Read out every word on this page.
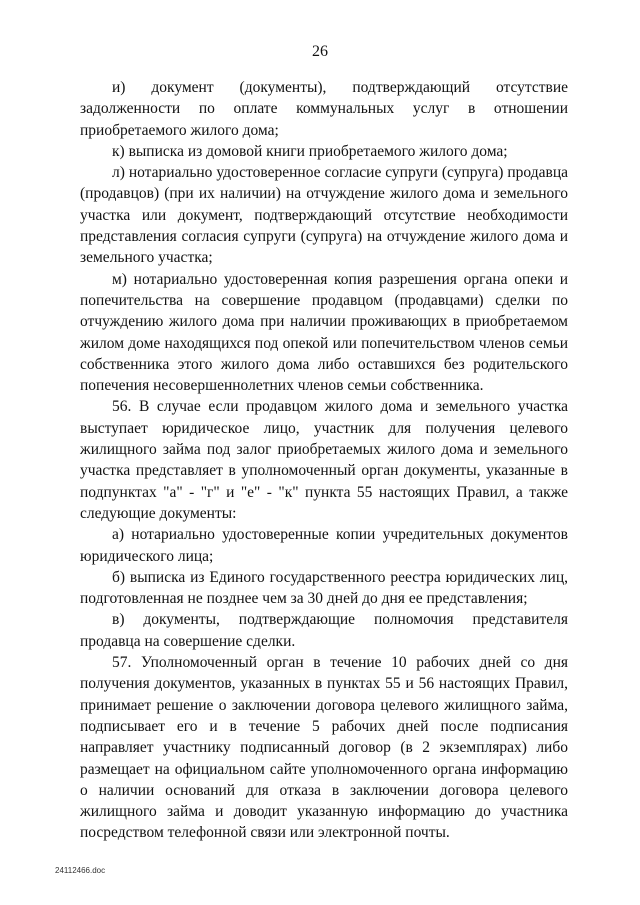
26

и) документ (документы), подтверждающий отсутствие задолженности по оплате коммунальных услуг в отношении приобретаемого жилого дома;

к) выписка из домовой книги приобретаемого жилого дома;

л) нотариально удостоверенное согласие супруги (супруга) продавца (продавцов) (при их наличии) на отчуждение жилого дома и земельного участка или документ, подтверждающий отсутствие необходимости представления согласия супруги (супруга) на отчуждение жилого дома и земельного участка;

м) нотариально удостоверенная копия разрешения органа опеки и попечительства на совершение продавцом (продавцами) сделки по отчуждению жилого дома при наличии проживающих в приобретаемом жилом доме находящихся под опекой или попечительством членов семьи собственника этого жилого дома либо оставшихся без родительского попечения несовершеннолетних членов семьи собственника.

56. В случае если продавцом жилого дома и земельного участка выступает юридическое лицо, участник для получения целевого жилищного займа под залог приобретаемых жилого дома и земельного участка представляет в уполномоченный орган документы, указанные в подпунктах "а" - "г" и "е" - "к" пункта 55 настоящих Правил, а также следующие документы:

а) нотариально удостоверенные копии учредительных документов юридического лица;

б) выписка из Единого государственного реестра юридических лиц, подготовленная не позднее чем за 30 дней до дня ее представления;

в) документы, подтверждающие полномочия представителя продавца на совершение сделки.

57. Уполномоченный орган в течение 10 рабочих дней со дня получения документов, указанных в пунктах 55 и 56 настоящих Правил, принимает решение о заключении договора целевого жилищного займа, подписывает его и в течение 5 рабочих дней после подписания направляет участнику подписанный договор (в 2 экземплярах) либо размещает на официальном сайте уполномоченного органа информацию о наличии оснований для отказа в заключении договора целевого жилищного займа и доводит указанную информацию до участника посредством телефонной связи или электронной почты.

24112466.doc
